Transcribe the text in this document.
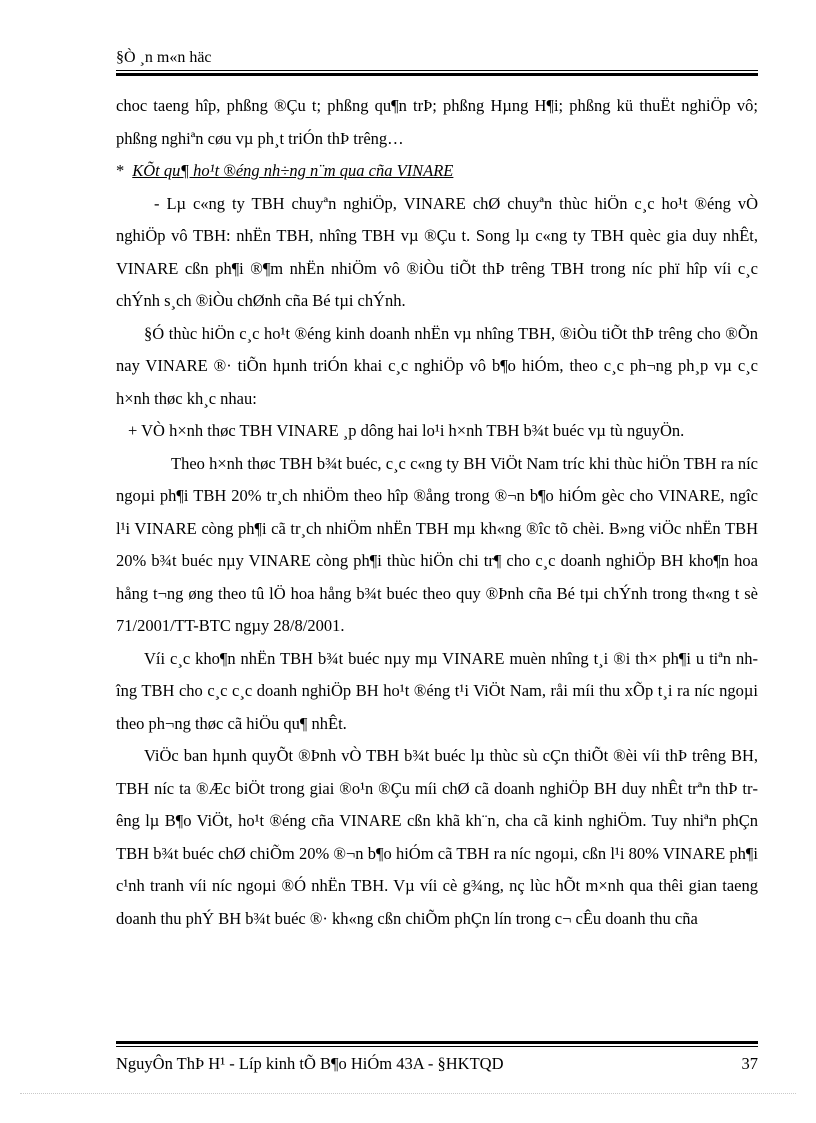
§Ò ¸n m«n häc

choc taeng hîp, phßng ®Çu t; phßng qu¶n trÞ; phßng Hµng H¶i; phßng kü thuËt nghiÖp vô; phßng nghiªn cøu vµ ph¸t triÓn thÞ trêng…

* KÕt qu¶ ho¹t ®éng nh÷ng n¨m qua cña VINARE

- Lµ c«ng ty TBH chuyªn nghiÖp, VINARE chØ chuyªn thùc hiÖn c¸c ho¹t ®éng vÒ nghiÖp vô TBH: nhËn TBH, nhîng TBH vµ ®Çu t. Song lµ c«ng ty TBH quèc gia duy nhÊt, VINARE cßn ph¶i ®¶m nhËn nhiÖm vô ®iÒu tiÕt thÞ trêng TBH trong níc phï hîp víi c¸c chÝnh s¸ch ®iÒu chØnh cña Bé tµi chÝnh.

§Ó thùc hiÖn c¸c ho¹t ®éng kinh doanh nhËn vµ nhîng TBH, ®iÒu tiÕt thÞ trêng cho ®Õn nay VINARE ®· tiÕn hµnh triÓn khai c¸c nghiÖp vô b¶o hiÓm, theo c¸c ph¬ng ph¸p vµ c¸c h×nh thøc kh¸c nhau:

+ VÒ h×nh thøc TBH VINARE ¸p dông hai lo¹i h×nh TBH b¾t buéc vµ tù nguyÖn.

Theo h×nh thøc TBH b¾t buéc, c¸c c«ng ty BH ViÖt Nam tríc khi thùc hiÖn TBH ra níc ngoµi ph¶i TBH 20% tr¸ch nhiÖm theo hîp ®ång trong ®¬n b¶o hiÓm gèc cho VINARE, ngîc l¹i VINARE còng ph¶i cã tr¸ch nhiÖm nhËn TBH mµ kh«ng ®îc tõ chèi. B»ng viÖc nhËn TBH 20% b¾t buéc nµy VINARE còng ph¶i thùc hiÖn chi tr¶ cho c¸c doanh nghiÖp BH kho¶n hoa hång t¬ng øng theo tû lÖ hoa hång b¾t buéc theo quy ®Þnh cña Bé tµi chÝnh trong th«ng t sè 71/2001/TT-BTC ngµy 28/8/2001.

Víi c¸c kho¶n nhËn TBH b¾t buéc nµy mµ VINARE muèn nhîng t¸i ®i th× ph¶i u tiªn nhîng TBH cho c¸c c¸c doanh nghiÖp BH ho¹t ®éng t¹i ViÖt Nam, råi míi thu xÕp t¸i ra níc ngoµi theo ph¬ng thøc cã hiÖu qu¶ nhÊt.

ViÖc ban hµnh quyÕt ®Þnh vÒ TBH b¾t buéc lµ thùc sù cÇn thiÕt ®èi víi thÞ trêng BH, TBH níc ta ®Æc biÖt trong giai ®o¹n ®Çu míi chØ cã doanh nghiÖp BH duy nhÊt trªn thÞ trêng lµ B¶o ViÖt, ho¹t ®éng cña VINARE cßn khã kh¨n, cha cã kinh nghiÖm. Tuy nhiªn phÇn TBH b¾t buéc chØ chiÕm 20% ®¬n b¶o hiÓm cã TBH ra níc ngoµi, cßn l¹i 80% VINARE ph¶i c¹nh tranh víi níc ngoµi ®Ó nhËn TBH. Vµ víi cè g¾ng, nç lùc hÕt m×nh qua thêi gian taeng doanh thu phÝ BH b¾t buéc ®· kh«ng cßn chiÕm phÇn lín trong c¬ cÊu doanh thu cña

NguyÔn ThÞ H¹ - Líp kinh tÕ B¶o HiÓm 43A - §HKTQD	37
